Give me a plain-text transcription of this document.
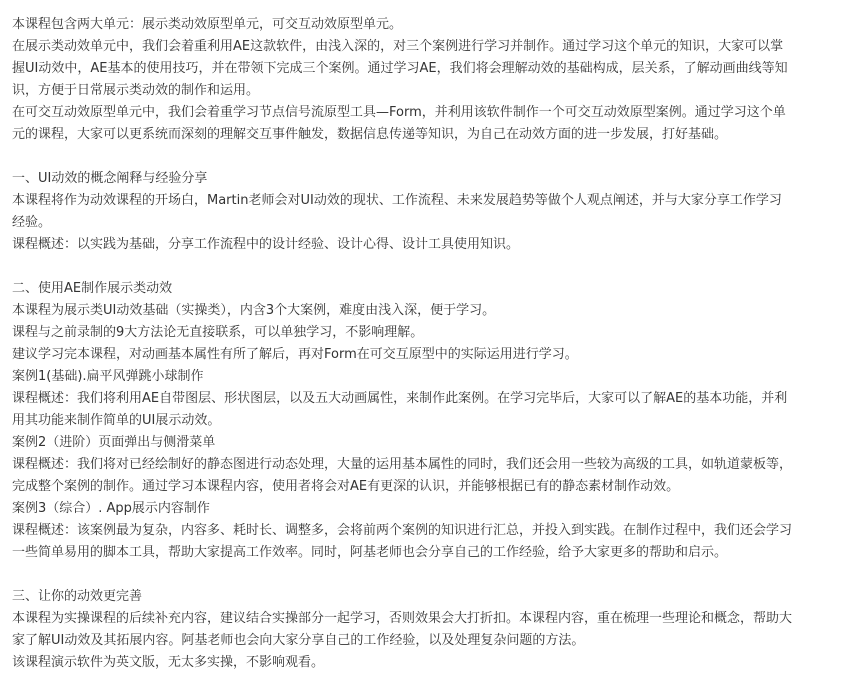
本课程包含两大单元：展示类动效原型单元，可交互动效原型单元。
在展示类动效单元中，我们会着重利用AE这款软件，由浅入深的，对三个案例进行学习并制作。通过学习这个单元的知识，大家可以掌
握UI动效中，AE基本的使用技巧，并在带领下完成三个案例。通过学习AE，我们将会理解动效的基础构成，层关系，了解动画曲线等知
识，方便于日常展示类动效的制作和运用。
在可交互动效原型单元中，我们会着重学习节点信号流原型工具—Form，并利用该软件制作一个可交互动效原型案例。通过学习这个单
元的课程，大家可以更系统而深刻的理解交互事件触发，数据信息传递等知识，为自己在动效方面的进一步发展，打好基础。
一、UI动效的概念阐释与经验分享
本课程将作为动效课程的开场白，Martin老师会对UI动效的现状、工作流程、未来发展趋势等做个人观点阐述，并与大家分享工作学习
经验。
课程概述：以实践为基础，分享工作流程中的设计经验、设计心得、设计工具使用知识。
二、使用AE制作展示类动效
本课程为展示类UI动效基础（实操类），内含3个大案例，难度由浅入深，便于学习。
课程与之前录制的9大方法论无直接联系，可以单独学习，不影响理解。
建议学习完本课程，对动画基本属性有所了解后，再对Form在可交互原型中的实际运用进行学习。
案例1(基础).扁平风弹跳小球制作
课程概述：我们将利用AE自带图层、形状图层，以及五大动画属性，来制作此案例。在学习完毕后，大家可以了解AE的基本功能，并利
用其功能来制作简单的UI展示动效。
案例2（进阶）页面弹出与侧滑菜单
课程概述：我们将对已经绘制好的静态图进行动态处理，大量的运用基本属性的同时，我们还会用一些较为高级的工具，如轨道蒙板等，
完成整个案例的制作。通过学习本课程内容，使用者将会对AE有更深的认识，并能够根据已有的静态素材制作动效。
案例3（综合）. App展示内容制作
课程概述：该案例最为复杂，内容多、耗时长、调整多，会将前两个案例的知识进行汇总，并投入到实践。在制作过程中，我们还会学习
一些简单易用的脚本工具，帮助大家提高工作效率。同时，阿基老师也会分享自己的工作经验，给予大家更多的帮助和启示。
三、让你的动效更完善
本课程为实操课程的后续补充内容，建议结合实操部分一起学习，否则效果会大打折扣。本课程内容，重在梳理一些理论和概念，帮助大
家了解UI动效及其拓展内容。阿基老师也会向大家分享自己的工作经验，以及处理复杂问题的方法。
该课程演示软件为英文版，无太多实操，不影响观看。
